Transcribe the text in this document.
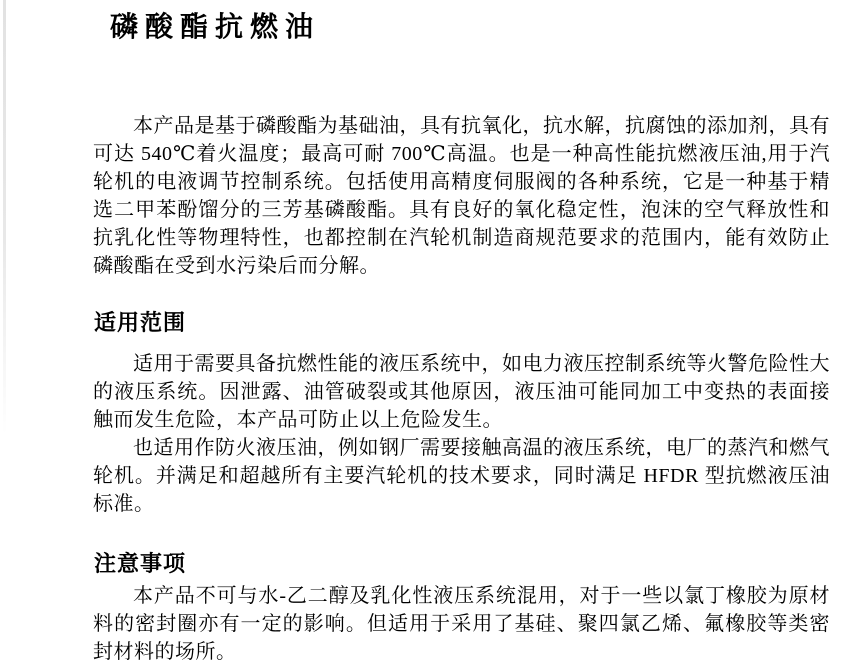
磷酸酯抗燃油

本产品是基于磷酸酯为基础油，具有抗氧化，抗水解，抗腐蚀的添加剂，具有可达 540℃着火温度；最高可耐 700℃高温。也是一种高性能抗燃液压油,用于汽轮机的电液调节控制系统。包括使用高精度伺服阀的各种系统，它是一种基于精选二甲苯酚馏分的三芳基磷酸酯。具有良好的氧化稳定性，泡沫的空气释放性和抗乳化性等物理特性，也都控制在汽轮机制造商规范要求的范围内，能有效防止磷酸酯在受到水污染后而分解。

适用范围

适用于需要具备抗燃性能的液压系统中，如电力液压控制系统等火警危险性大的液压系统。因泄露、油管破裂或其他原因，液压油可能同加工中变热的表面接触而发生危险，本产品可防止以上危险发生。

也适用作防火液压油，例如钢厂需要接触高温的液压系统，电厂的蒸汽和燃气轮机。并满足和超越所有主要汽轮机的技术要求，同时满足 HFDR 型抗燃液压油 标准。

注意事项

本产品不可与水-乙二醇及乳化性液压系统混用，对于一些以氯丁橡胶为原材料的密封圈亦有一定的影响。但适用于采用了基硅、聚四氯乙烯、氟橡胶等类密封材料的场所。
